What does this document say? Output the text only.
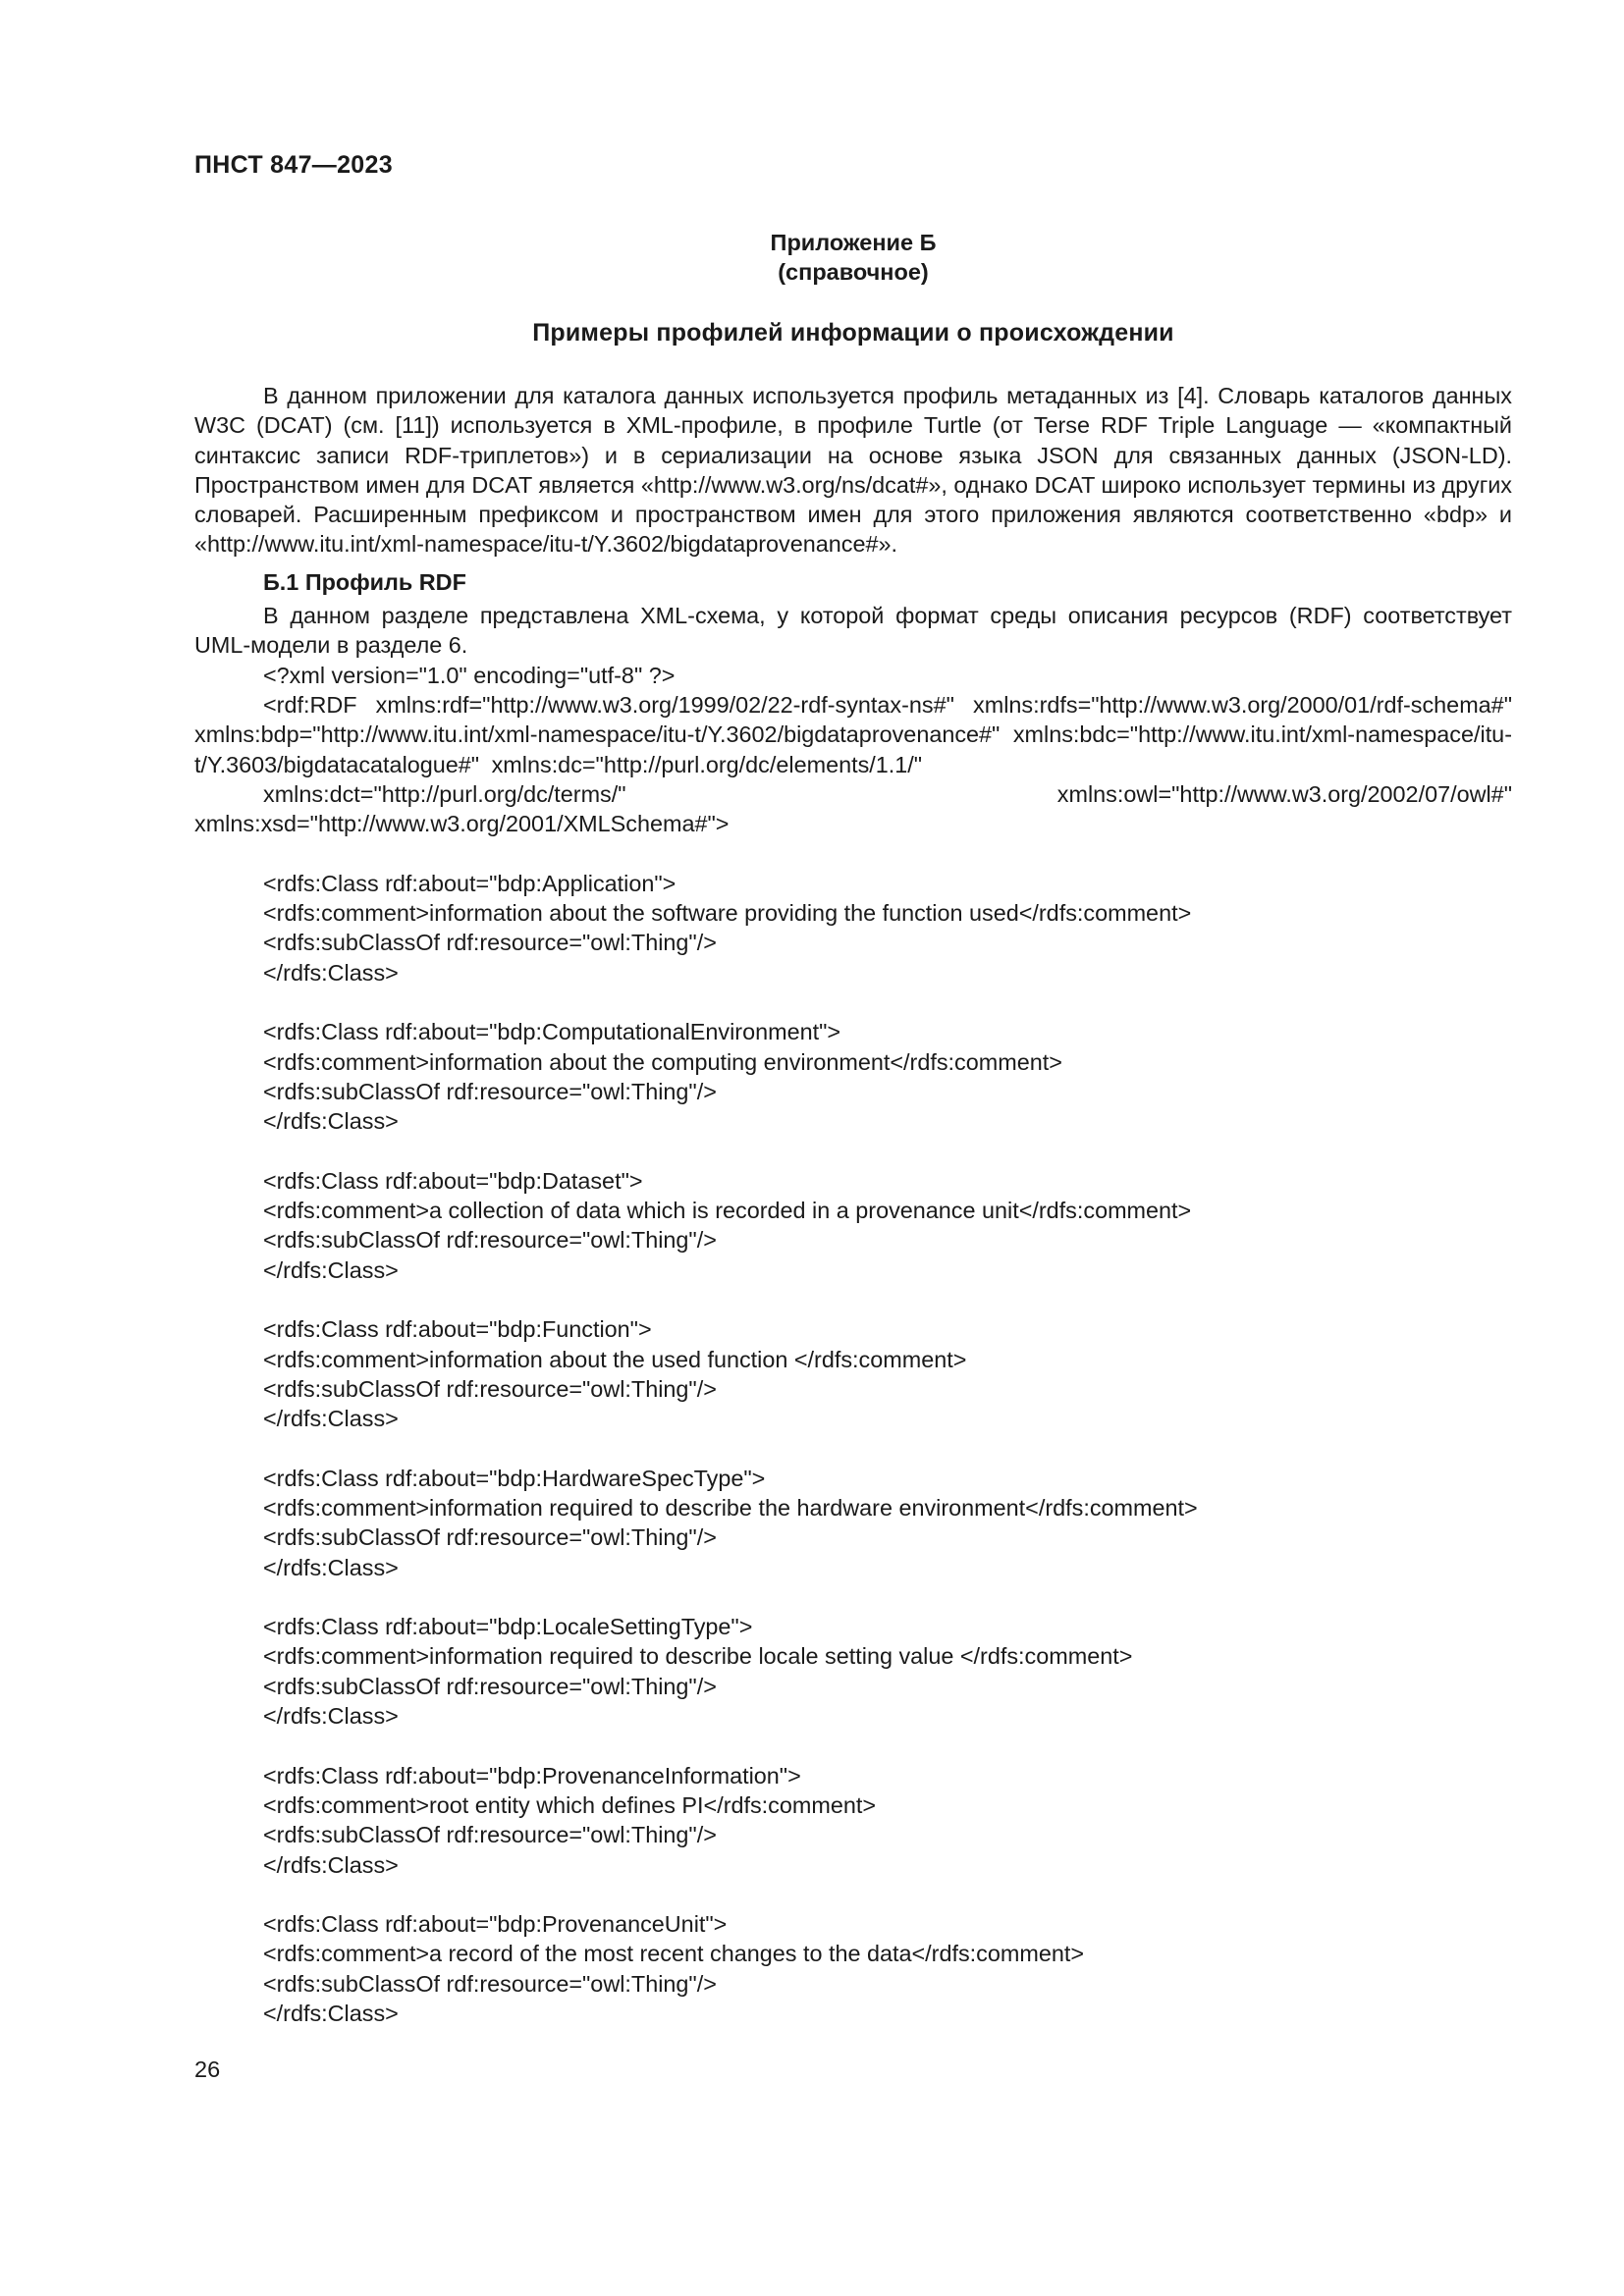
ПНСТ 847—2023
Приложение Б
(справочное)
Примеры профилей информации о происхождении

В данном приложении для каталога данных используется профиль метаданных из [4]. Словарь каталогов данных W3C (DCAT) (см. [11]) используется в XML-профиле, в профиле Turtle (от Terse RDF Triple Language — «компактный синтаксис записи RDF-триплетов») и в сериализации на основе языка JSON для связанных данных (JSON-LD). Пространством имен для DCAT является «http://www.w3.org/ns/dcat#», однако DCAT широко использует термины из других словарей. Расширенным префиксом и пространством имен для этого приложения являются соответственно «bdp» и «http://www.itu.int/xml-namespace/itu-t/Y.3602/bigdataprovenance#».

Б.1 Профиль RDF

В данном разделе представлена XML-схема, у которой формат среды описания ресурсов (RDF) соответствует UML-модели в разделе 6.

<?xml version="1.0" encoding="utf-8" ?>

<rdf:RDF xmlns:rdf="http://www.w3.org/1999/02/22-rdf-syntax-ns#" xmlns:rdfs="http://www.w3.org/2000/01/rdf-schema#" xmlns:bdp="http://www.itu.int/xml-namespace/itu-t/Y.3602/bigdataprovenance#" xmlns:bdc="http://www.itu.int/xml-namespace/itu-t/Y.3603/bigdatacatalogue#" xmlns:dc="http://purl.org/dc/elements/1.1/"

xmlns:dct="http://purl.org/dc/terms/" xmlns:owl="http://www.w3.org/2002/07/owl#" xmlns:xsd="http://www.w3.org/2001/XMLSchema#">

<rdfs:Class rdf:about="bdp:Application">

<rdfs:comment>information about the software providing the function used</rdfs:comment>

<rdfs:subClassOf rdf:resource="owl:Thing"/>

</rdfs:Class>

<rdfs:Class rdf:about="bdp:ComputationalEnvironment">

<rdfs:comment>information about the computing environment</rdfs:comment>

<rdfs:subClassOf rdf:resource="owl:Thing"/>

</rdfs:Class>

<rdfs:Class rdf:about="bdp:Dataset">

<rdfs:comment>a collection of data which is recorded in a provenance unit</rdfs:comment>

<rdfs:subClassOf rdf:resource="owl:Thing"/>

</rdfs:Class>

<rdfs:Class rdf:about="bdp:Function">

<rdfs:comment>information about the used function </rdfs:comment>

<rdfs:subClassOf rdf:resource="owl:Thing"/>

</rdfs:Class>

<rdfs:Class rdf:about="bdp:HardwareSpecType">

<rdfs:comment>information required to describe the hardware environment</rdfs:comment>

<rdfs:subClassOf rdf:resource="owl:Thing"/>

</rdfs:Class>

<rdfs:Class rdf:about="bdp:LocaleSettingType">

<rdfs:comment>information required to describe locale setting value </rdfs:comment>

<rdfs:subClassOf rdf:resource="owl:Thing"/>

</rdfs:Class>

<rdfs:Class rdf:about="bdp:ProvenanceInformation">

<rdfs:comment>root entity which defines PI</rdfs:comment>

<rdfs:subClassOf rdf:resource="owl:Thing"/>

</rdfs:Class>

<rdfs:Class rdf:about="bdp:ProvenanceUnit">

<rdfs:comment>a record of the most recent changes to the data</rdfs:comment>

<rdfs:subClassOf rdf:resource="owl:Thing"/>

</rdfs:Class>

26
